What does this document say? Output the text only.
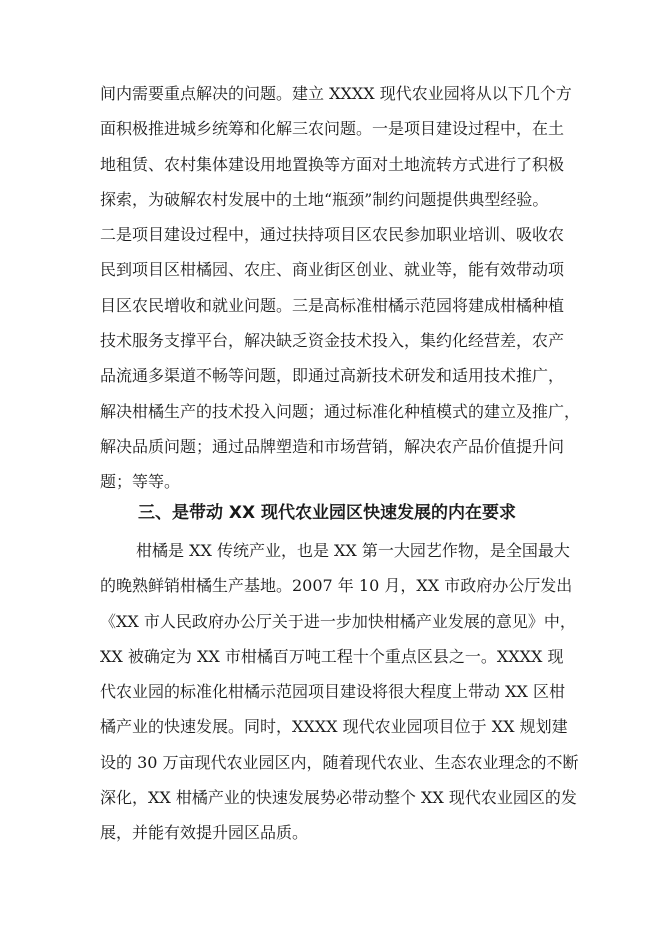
间内需要重点解决的问题。建立 XXXX 现代农业园将从以下几个方
面积极推进城乡统筹和化解三农问题。一是项目建设过程中，在土
地租赁、农村集体建设用地置换等方面对土地流转方式进行了积极
探索，为破解农村发展中的土地“瓶颈”制约问题提供典型经验。
二是项目建设过程中，通过扶持项目区农民参加职业培训、吸收农
民到项目区柑橘园、农庄、商业街区创业、就业等，能有效带动项
目区农民增收和就业问题。三是高标准柑橘示范园将建成柑橘种植
技术服务支撑平台，解决缺乏资金技术投入，集约化经营差，农产
品流通多渠道不畅等问题，即通过高新技术研发和适用技术推广，
解决柑橘生产的技术投入问题；通过标准化种植模式的建立及推广，
解决品质问题；通过品牌塑造和市场营销，解决农产品价值提升问
题；等等。
三、是带动 XX 现代农业园区快速发展的内在要求
柑橘是 XX 传统产业，也是 XX 第一大园艺作物，是全国最大
的晚熟鲜销柑橘生产基地。2007 年 10 月，XX 市政府办公厅发出
《XX 市人民政府办公厅关于进一步加快柑橘产业发展的意见》中，
XX 被确定为 XX 市柑橘百万吨工程十个重点区县之一。XXXX 现
代农业园的标准化柑橘示范园项目建设将很大程度上带动 XX 区柑
橘产业的快速发展。同时，XXXX 现代农业园项目位于 XX 规划建
设的 30 万亩现代农业园区内，随着现代农业、生态农业理念的不断
深化，XX 柑橘产业的快速发展势必带动整个 XX 现代农业园区的发
展，并能有效提升园区品质。
